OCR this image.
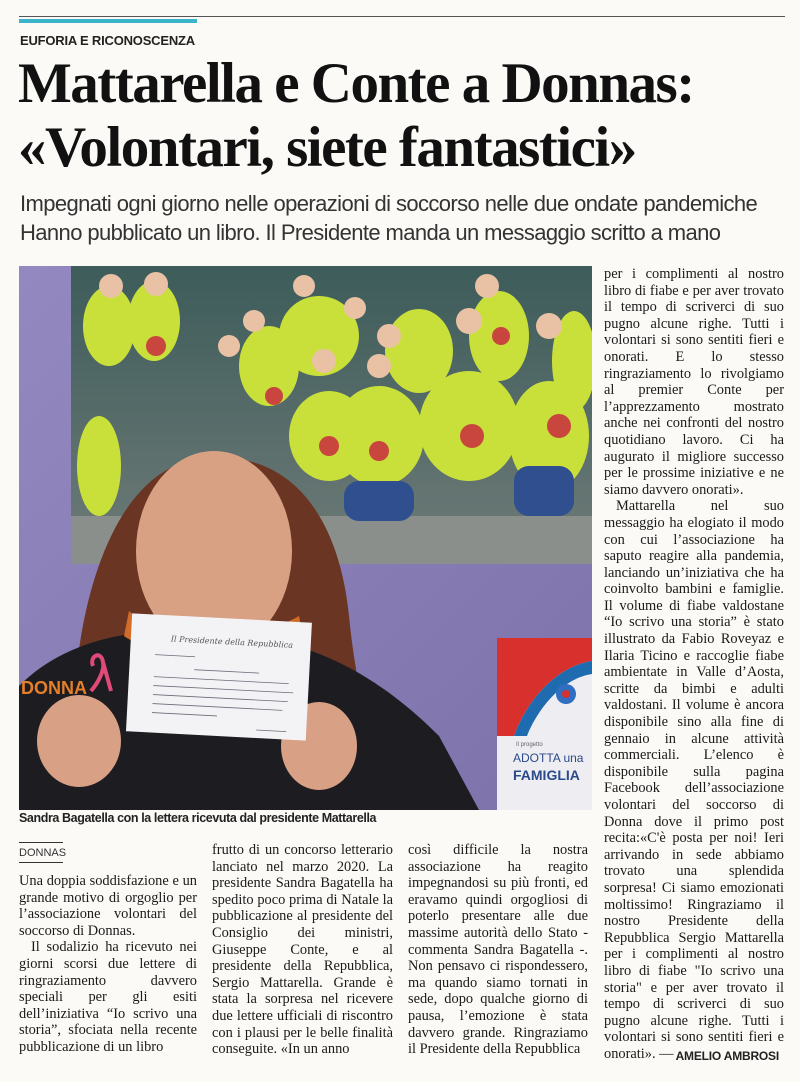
EUFORIA E RICONOSCENZA
Mattarella e Conte a Donnas:
«Volontari, siete fantastici»
Impegnati ogni giorno nelle operazioni di soccorso nelle due ondate pandemiche
Hanno pubblicato un libro. Il Presidente manda un messaggio scritto a mano
DONNA
Il Presidente della Repubblica
Il progetto
ADOTTA una
FAMIGLIA
Sandra Bagatella con la lettera ricevuta dal presidente Mattarella
DONNAS

Una doppia soddisfazione e un grande motivo di orgoglio per l’associazione volontari del soccorso di Donnas.

Il sodalizio ha ricevuto nei giorni scorsi due lettere di ringraziamento davvero speciali per gli esiti dell’iniziativa “Io scrivo una storia”, sfociata nella recente pubblicazione di un libro

frutto di un concorso letterario lanciato nel marzo 2020. La presidente Sandra Bagatella ha spedito poco prima di Natale la pubblicazione al presidente del Consiglio dei ministri, Giuseppe Conte, e al presidente della Repubblica, Sergio Mattarella. Grande è stata la sorpresa nel ricevere due lettere ufficiali di riscontro con i plausi per le belle finalità conseguite. «In un anno

così difficile la nostra associazione ha reagito impegnandosi su più fronti, ed eravamo quindi orgogliosi di poterlo presentare alle due massime autorità dello Stato - commenta Sandra Bagatella -. Non pensavo ci rispondessero, ma quando siamo tornati in sede, dopo qualche giorno di pausa, l’emozione è stata davvero grande. Ringraziamo il Presidente della Repubblica

per i complimenti al nostro libro di fiabe e per aver trovato il tempo di scriverci di suo pugno alcune righe. Tutti i volontari si sono sentiti fieri e onorati. E lo stesso ringraziamento lo rivolgiamo al premier Conte per l’apprezzamento mostrato anche nei confronti del nostro quotidiano lavoro. Ci ha augurato il migliore successo per le prossime iniziative e ne siamo davvero onorati».

Mattarella nel suo messaggio ha elogiato il modo con cui l’associazione ha saputo reagire alla pandemia, lanciando un’iniziativa che ha coinvolto bambini e famiglie. Il volume di fiabe valdostane “Io scrivo una storia” è stato illustrato da Fabio Roveyaz e Ilaria Ticino e raccoglie fiabe ambientate in Valle d’Aosta, scritte da bimbi e adulti valdostani. Il volume è ancora disponibile sino alla fine di gennaio in alcune attività commerciali. L’elenco è disponibile sulla pagina Facebook dell’associazione volontari del soccorso di Donna dove il primo post recita:«C'è posta per noi! Ieri arrivando in sede abbiamo trovato una splendida sorpresa! Ci siamo emozionati moltissimo! Ringraziamo il nostro Presidente della Repubblica Sergio Mattarella per i complimenti al nostro libro di fiabe "Io scrivo una storia" e per aver trovato il tempo di scriverci di suo pugno alcune righe. Tutti i volontari si sono sentiti fieri e onorati». — AMELIO AMBROSI
